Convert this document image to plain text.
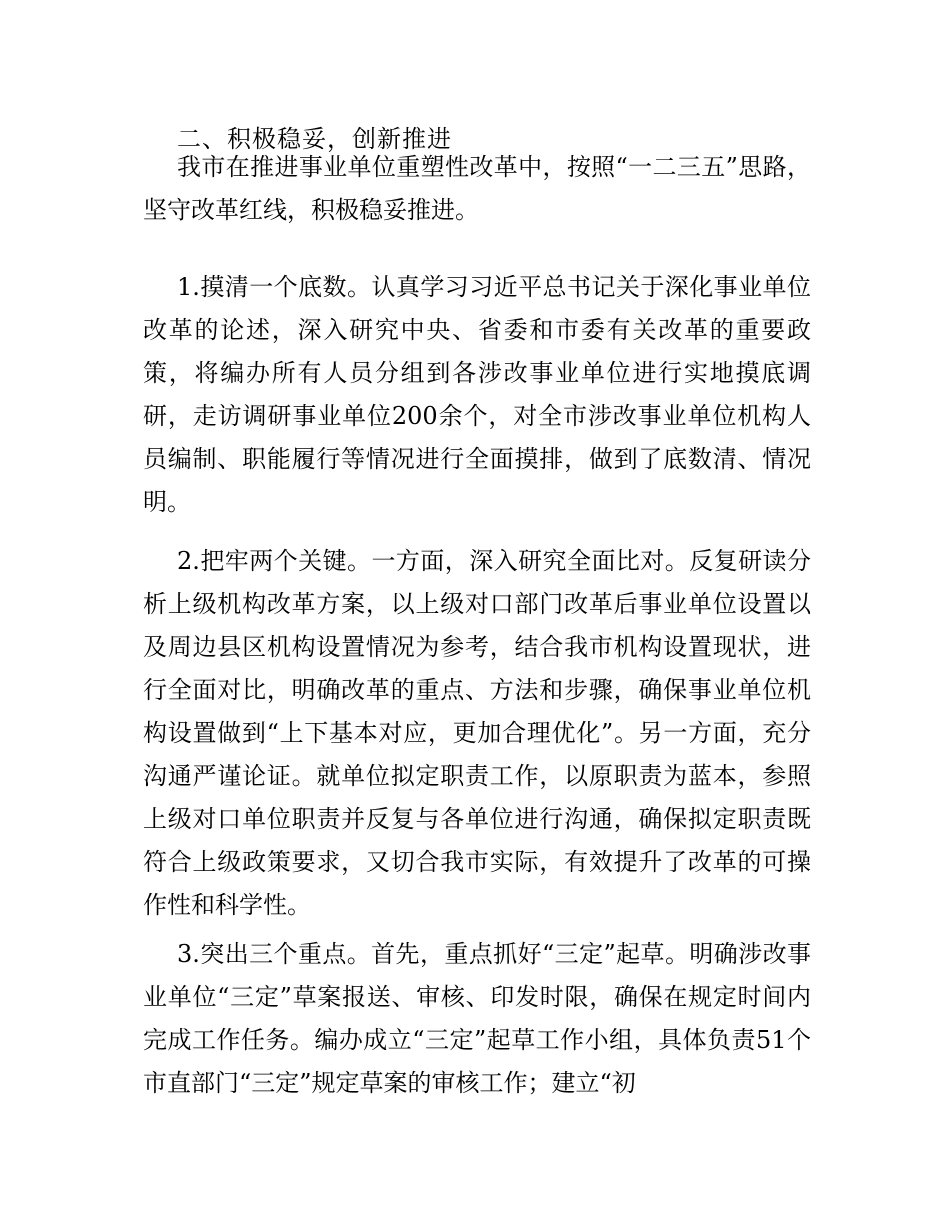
二、积极稳妥，创新推进
我市在推进事业单位重塑性改革中，按照“一二三五”思路，坚守改革红线，积极稳妥推进。
1.摸清一个底数。认真学习习近平总书记关于深化事业单位改革的论述，深入研究中央、省委和市委有关改革的重要政策，将编办所有人员分组到各涉改事业单位进行实地摸底调研，走访调研事业单位200余个，对全市涉改事业单位机构人员编制、职能履行等情况进行全面摸排，做到了底数清、情况明。
2.把牢两个关键。一方面，深入研究全面比对。反复研读分析上级机构改革方案，以上级对口部门改革后事业单位设置以及周边县区机构设置情况为参考，结合我市机构设置现状，进行全面对比，明确改革的重点、方法和步骤，确保事业单位机构设置做到“上下基本对应，更加合理优化”。另一方面，充分沟通严谨论证。就单位拟定职责工作，以原职责为蓝本，参照上级对口单位职责并反复与各单位进行沟通，确保拟定职责既符合上级政策要求，又切合我市实际，有效提升了改革的可操作性和科学性。
3.突出三个重点。首先，重点抓好“三定”起草。明确涉改事业单位“三定”草案报送、审核、印发时限，确保在规定时间内完成工作任务。编办成立“三定”起草工作小组，具体负责51个市直部门“三定”规定草案的审核工作；建立“初
